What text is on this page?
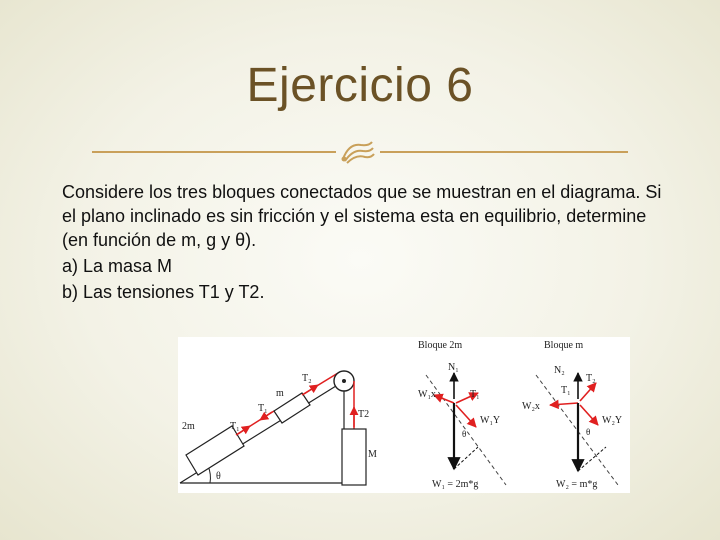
Ejercicio 6

Considere los tres bloques conectados que se muestran en el diagrama. Si el plano inclinado es sin fricción y el sistema esta en equilibrio, determine (en función de m, g y θ).

a) La masa M

b) Las tensiones T1 y T2.

θ
2m	T₁
T₁
m
T₂
T2
M
Bloque 2m
N₁
T₁
W₁x
W₁Y
θ
W₁ = 2m*g
Bloque m
N₂
T₂
T₁
W₂x
W₂Y
θ
W₂ = m*g
